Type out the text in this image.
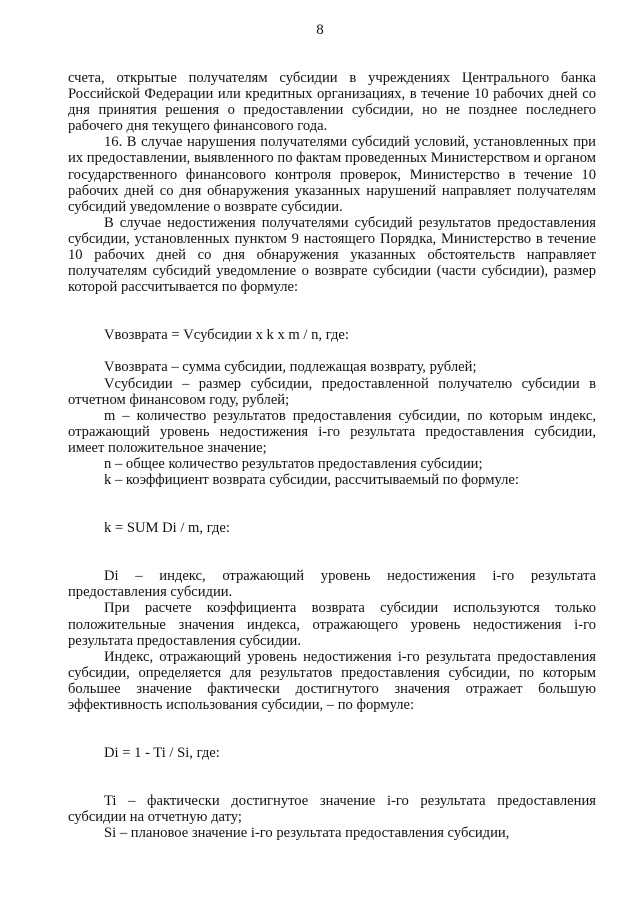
8

счета, открытые получателям субсидии в учреждениях Центрального банка Российской Федерации или кредитных организациях, в течение 10 рабочих дней со дня принятия решения о предоставлении субсидии, но не позднее последнего рабочего дня текущего финансового года.

16. В случае нарушения получателями субсидий условий, установленных при их предоставлении, выявленного по фактам проведенных Министерством и органом государственного финансового контроля проверок, Министерство в течение 10 рабочих дней со дня обнаружения указанных нарушений направляет получателям субсидий уведомление о возврате субсидии.

В случае недостижения получателями субсидий результатов предоставления субсидии, установленных пунктом 9 настоящего Порядка, Министерство в течение 10 рабочих дней со дня обнаружения указанных обстоятельств направляет получателям субсидий уведомление о возврате субсидии (части субсидии), размер которой рассчитывается по формуле:

Vвозврата = Vсубсидии x k x m / n, где:

Vвозврата – сумма субсидии, подлежащая возврату, рублей;

Vсубсидии – размер субсидии, предоставленной получателю субсидии в отчетном финансовом году, рублей;

m – количество результатов предоставления субсидии, по которым индекс, отражающий уровень недостижения i-го результата предоставления субсидии, имеет положительное значение;

n – общее количество результатов предоставления субсидии;

k – коэффициент возврата субсидии, рассчитываемый по формуле:

k = SUM Di / m, где:

Di – индекс, отражающий уровень недостижения i-го результата предоставления субсидии.

При расчете коэффициента возврата субсидии используются только положительные значения индекса, отражающего уровень недостижения i-го результата предоставления субсидии.

Индекс, отражающий уровень недостижения i-го результата предоставления субсидии, определяется для результатов предоставления субсидии, по которым большее значение фактически достигнутого значения отражает большую эффективность использования субсидии, – по формуле:

Di = 1 - Ti / Si, где:

Ti – фактически достигнутое значение i-го результата предоставления субсидии на отчетную дату;

Si – плановое значение i-го результата предоставления субсидии,
